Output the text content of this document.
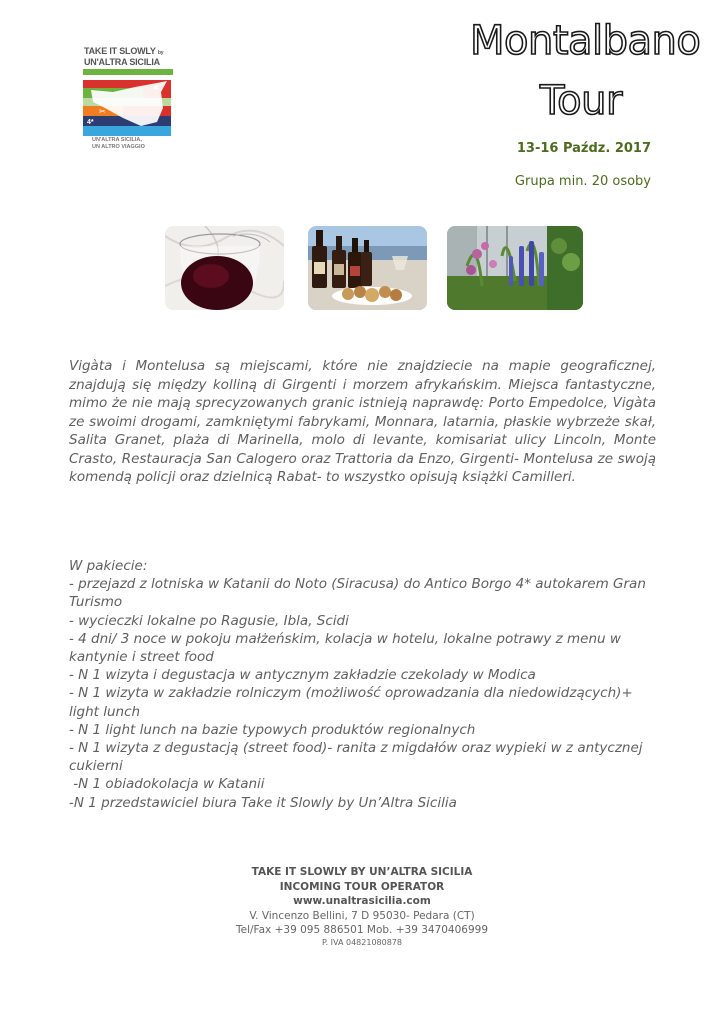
TAKE IT SLOWLY by
UN'ALTRA SICILIA
4*
✱
✂
UN'ALTRA SICILIA,
UN ALTRO VIAGGIO
Montalbano
Tour
13-16 Paźdz. 2017
Grupa min. 20 osoby

Vigàta i Montelusa są miejscami, które nie znajdziecie na mapie geograficznej, znajdują się między kolliną di Girgenti i morzem afrykańskim. Miejsca fantastyczne, mimo że nie mają sprecyzowanych granic istnieją naprawdę: Porto Empedolce, Vigàta ze swoimi drogami, zamkniętymi fabrykami, Monnara, latarnia, płaskie wybrzeże skał, Salita Granet, plaża di Marinella, molo di levante, komisariat ulicy Lincoln, Monte Crasto, Restauracja San Calogero oraz Trattoria da Enzo, Girgenti- Montelusa ze swoją komendą policji oraz dzielnicą Rabat- to wszystko opisują książki Camilleri.

W pakiecie:
- przejazd z lotniska w Katanii do Noto (Siracusa) do Antico Borgo 4* autokarem Gran Turismo
- wycieczki lokalne po Ragusie, Ibla, Scidi
- 4 dni/ 3 noce w pokoju małżeńskim, kolacja w hotelu, lokalne potrawy z menu w kantynie i street food
- N 1 wizyta i degustacja w antycznym zakładzie czekolady w Modica
- N 1 wizyta w zakładzie rolniczym (możliwość oprowadzania dla niedowidzących)+ light lunch
- N 1 light lunch na bazie typowych produktów regionalnych
- N 1 wizyta z degustacją (street food)- ranita z migdałów oraz wypieki w z antycznej cukierni
-N 1 obiadokolacja w Katanii
-N 1 przedstawiciel biura Take it Slowly by Un’Altra Sicilia
TAKE IT SLOWLY BY UN’ALTRA SICILIA
INCOMING TOUR OPERATOR
www.unaltrasicilia.com
V. Vincenzo Bellini, 7 D 95030- Pedara (CT)
Tel/Fax +39 095 886501 Mob. +39 3470406999
P. IVA 04821080878
